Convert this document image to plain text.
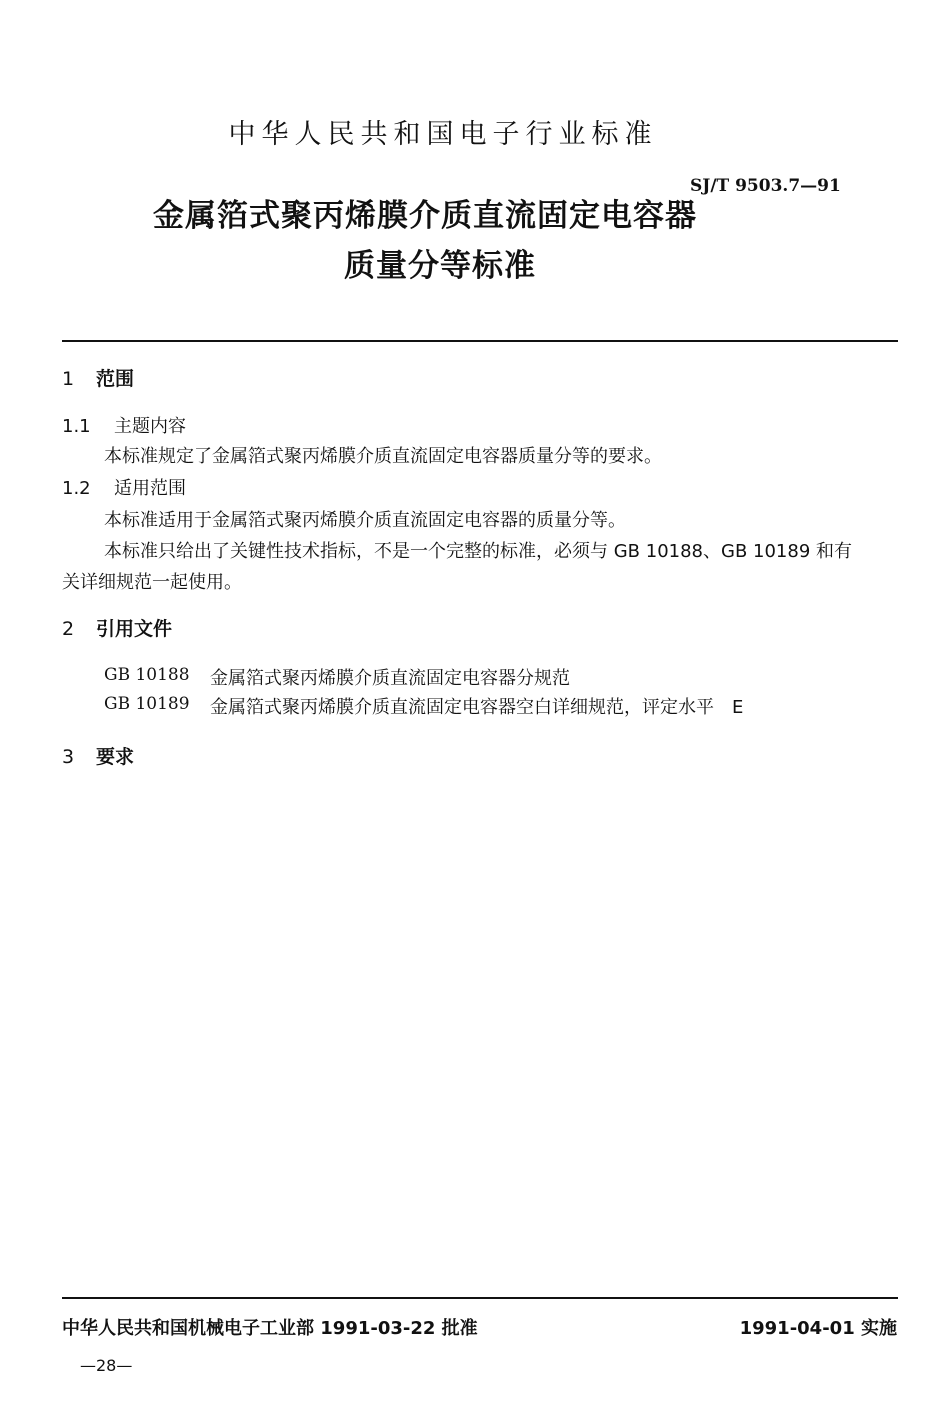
中华人民共和国电子行业标准
SJ/T 9503.7—91
金属箔式聚丙烯膜介质直流固定电容器
质量分等标准
1 范围
1.1 主题内容
本标准规定了金属箔式聚丙烯膜介质直流固定电容器质量分等的要求。
1.2 适用范围
本标准适用于金属箔式聚丙烯膜介质直流固定电容器的质量分等。
本标准只给出了关键性技术指标，不是一个完整的标准，必须与 GB 10188、GB 10189 和有
关详细规范一起使用。
2 引用文件
GB 10188 金属箔式聚丙烯膜介质直流固定电容器分规范
GB 10189 金属箔式聚丙烯膜介质直流固定电容器空白详细规范，评定水平　E
3 要求
中华人民共和国机械电子工业部 1991-03-22 批准	1991-04-01 实施
—28—
